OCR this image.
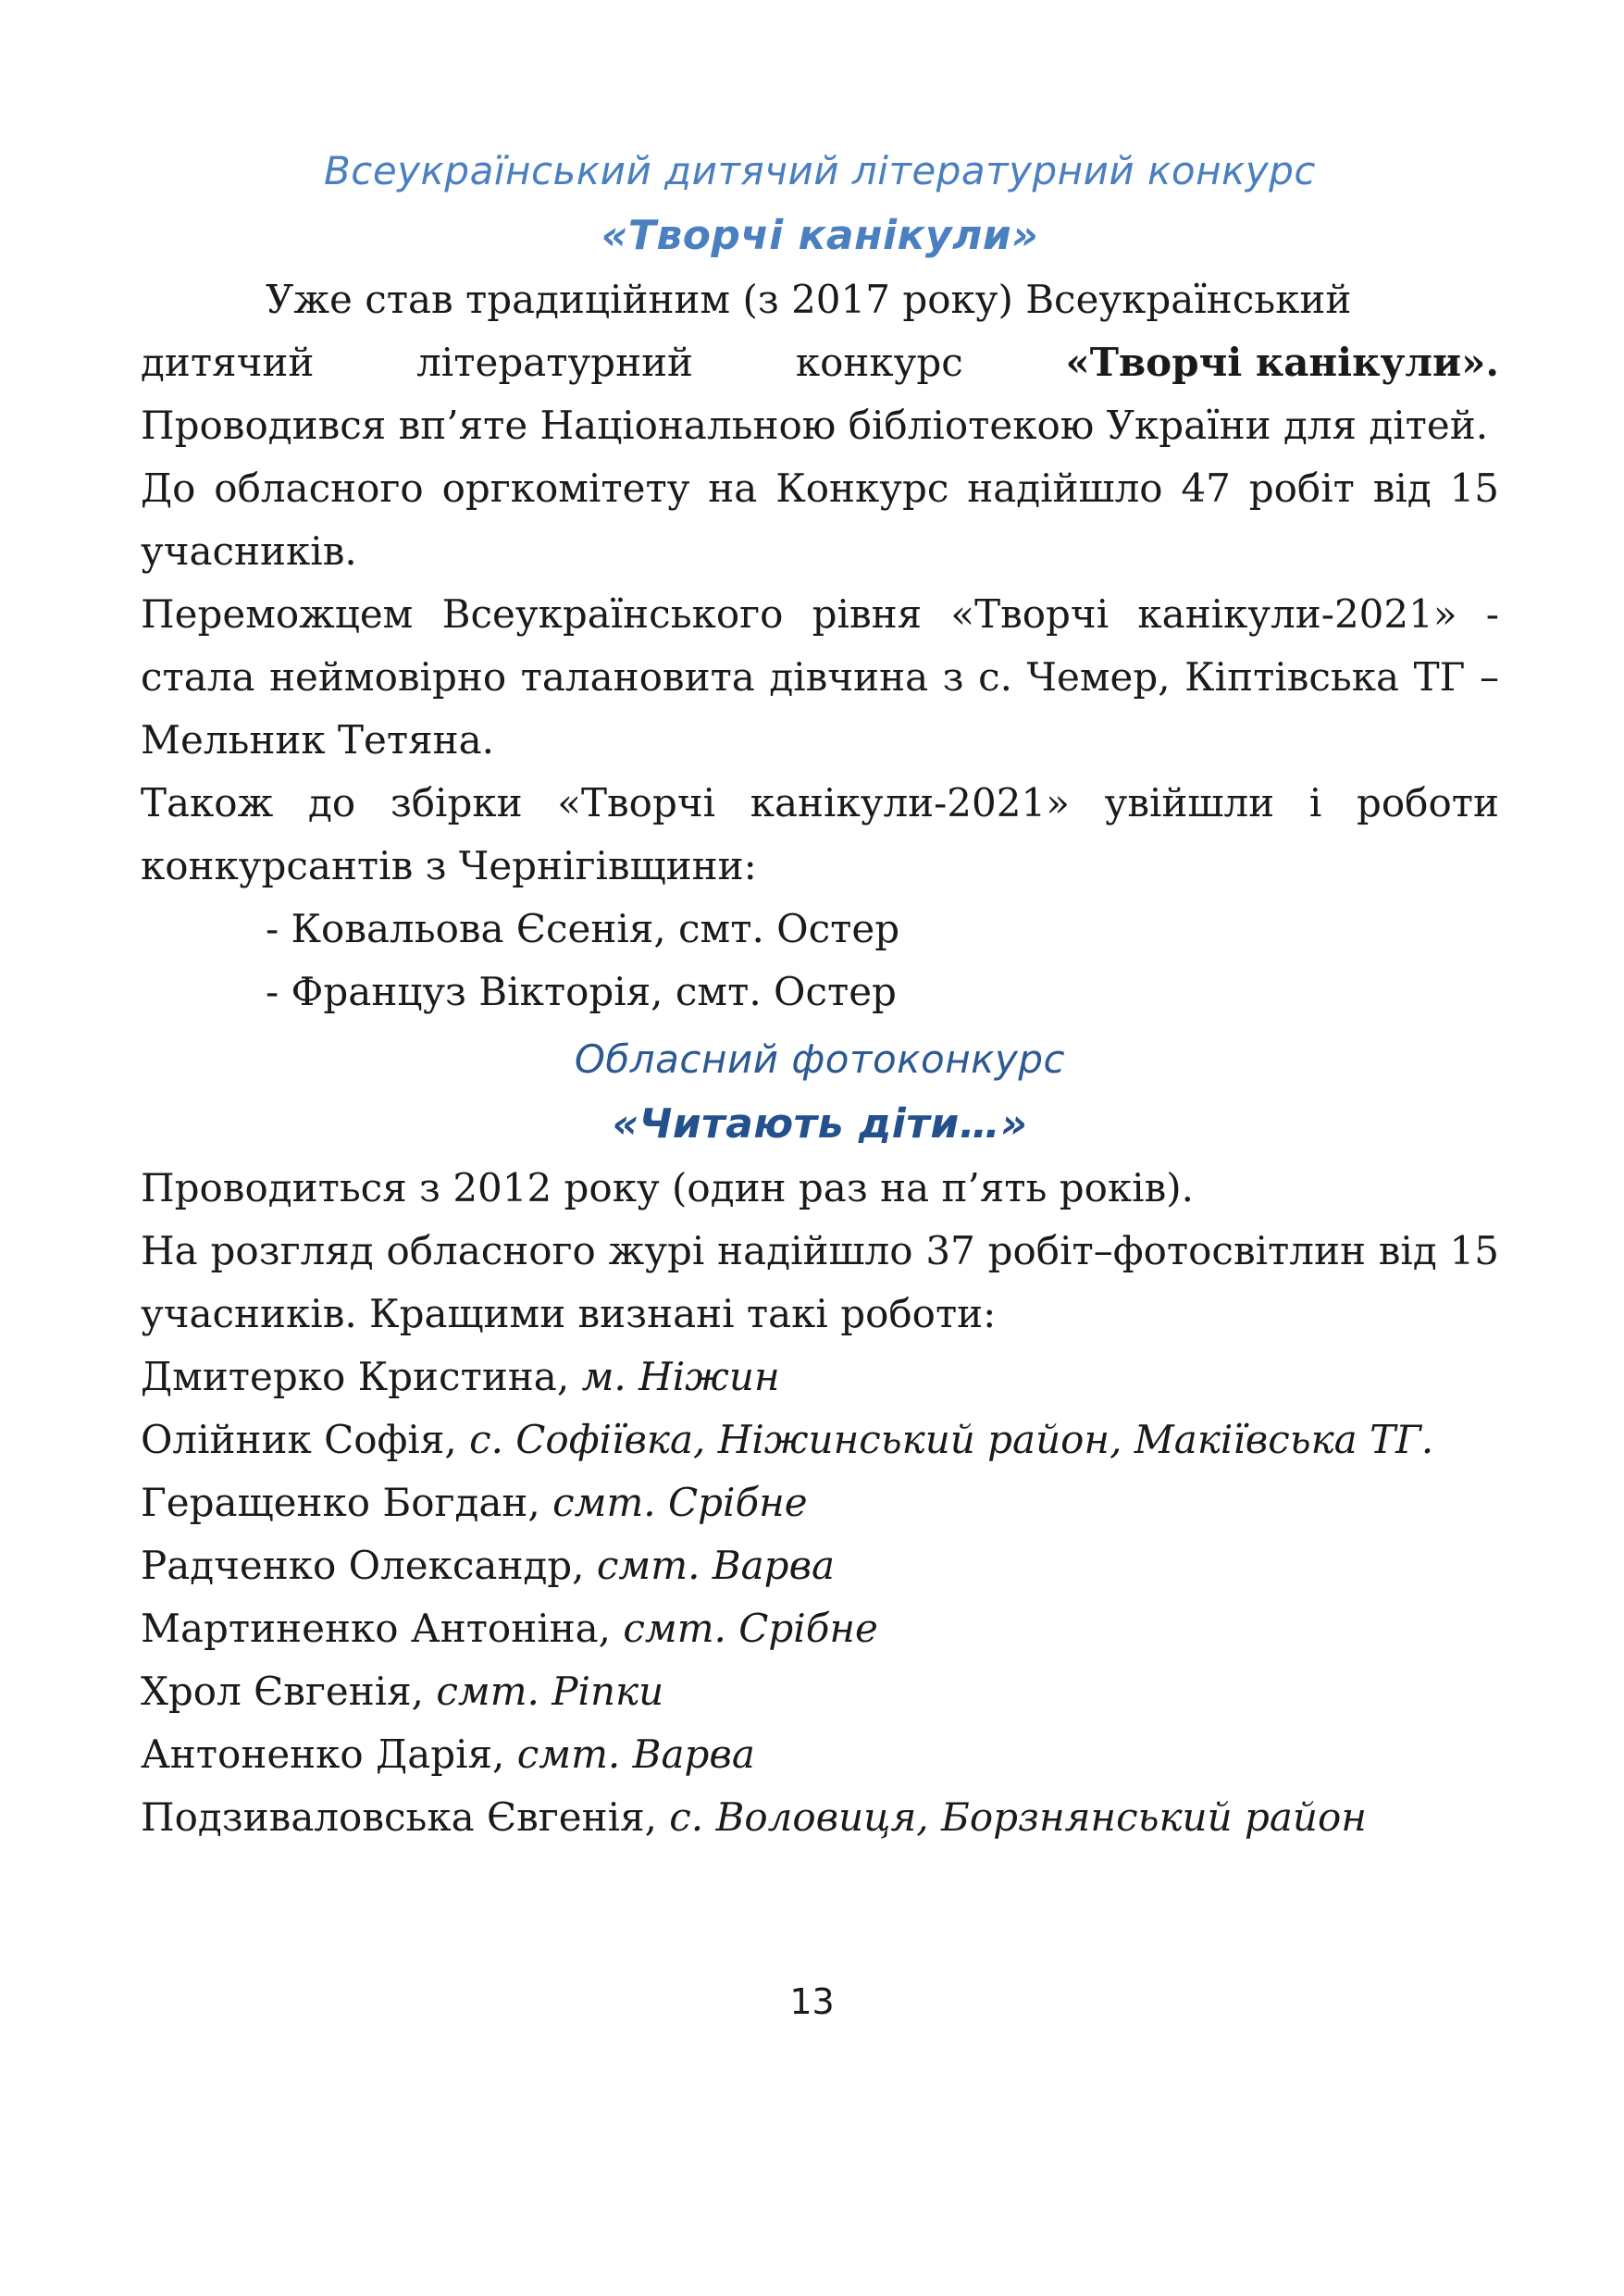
Всеукраїнський дитячий літературний конкурс
«Творчі канікули»

Уже став традиційним (з 2017 року) Всеукраїнський

дитячий	літературний	конкурс	«Творчі канікули».

Проводився вп’яте Національною бібліотекою України для дітей.

До обласного оргкомітету на Конкурс надійшло 47 робіт від 15 учасників.

Переможцем Всеукраїнського рівня «Творчі канікули-2021» - стала неймовірно талановита дівчина з с. Чемер, Кіптівська ТГ – Мельник Тетяна.

Також до збірки «Творчі канікули-2021» увійшли і роботи конкурсантів з Чернігівщини:

- Ковальова Єсенія, смт. Остер

- Француз Вікторія, смт. Остер

Обласний фотоконкурс
«Читають діти…»

Проводиться з 2012 року (один раз на п’ять років).

На розгляд обласного журі надійшло 37 робіт–фотосвітлин від 15 учасників. Кращими визнані такі роботи:

Дмитерко Кристина, м. Ніжин

Олійник Софія, с. Софіївка, Ніжинський район, Макіївська ТГ.

Геращенко Богдан, смт. Срібне

Радченко Олександр, смт. Варва

Мартиненко Антоніна, смт. Срібне

Хрол Євгенія, смт. Ріпки

Антоненко Дарія, смт. Варва

Подзиваловська Євгенія, с. Воловиця, Борзнянський район

13
